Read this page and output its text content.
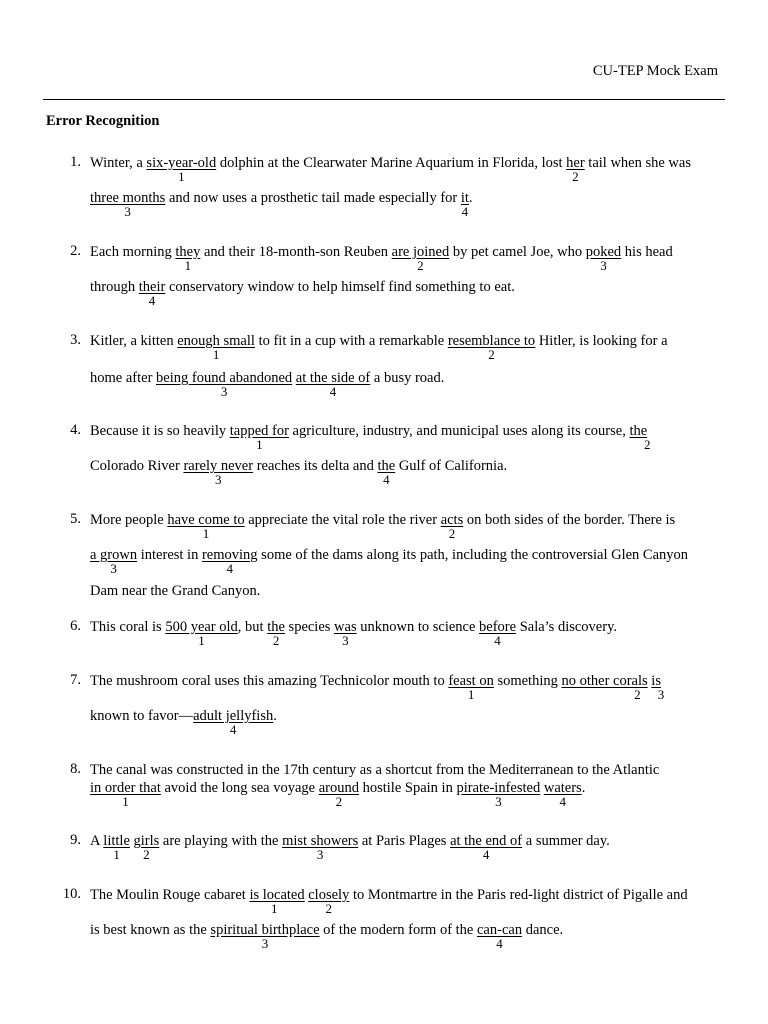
CU-TEP Mock Exam
Error Recognition
1. Winter, a six-year-old
1
dolphin at the Clearwater Marine Aquarium in Florida, lost her
2
tail when she was
three months
3
and now uses a prosthetic tail made especially for it
4
.
2. Each morning they
1
and their 18-month-son Reuben are joined
2
by pet camel Joe, who poked
3
his head
through their
4
conservatory window to help himself find something to eat.
3. Kitler, a kitten enough small
1
to fit in a cup with a remarkable resemblance to
2
Hitler, is looking for a
home after being found abandoned
3
at the side of
4
a busy road.
4. Because it is so heavily tapped for
1
agriculture, industry, and municipal uses along its course, the
2
Colorado River rarely never
3
reaches its delta and the
4
Gulf of California.
5. More people have come to
1
appreciate the vital role the river acts
2
on both sides of the border. There is
a grown
3
interest in removing
4
some of the dams along its path, including the controversial Glen Canyon
Dam near the Grand Canyon.
6. This coral is 500 year old
1
, but the
2
species was
3
unknown to science before
4
Sala’s discovery.
7. The mushroom coral uses this amazing Technicolor mouth to feast on
1
something no other corals
2
is
3
known to favor—adult jellyfish
4
.
8. The canal was constructed in the 17th century as a shortcut from the Mediterranean to the Atlantic
in order that
1
avoid the long sea voyage around
2
hostile Spain in pirate-infested
3
waters
4
.
9. A little
1
girls
2
are playing with the mist showers
3
at Paris Plages at the end of
4
a summer day.
10. The Moulin Rouge cabaret is located
1
closely
2
to Montmartre in the Paris red-light district of Pigalle and
is best known as the spiritual birthplace
3
of the modern form of the can-can
4
dance.
